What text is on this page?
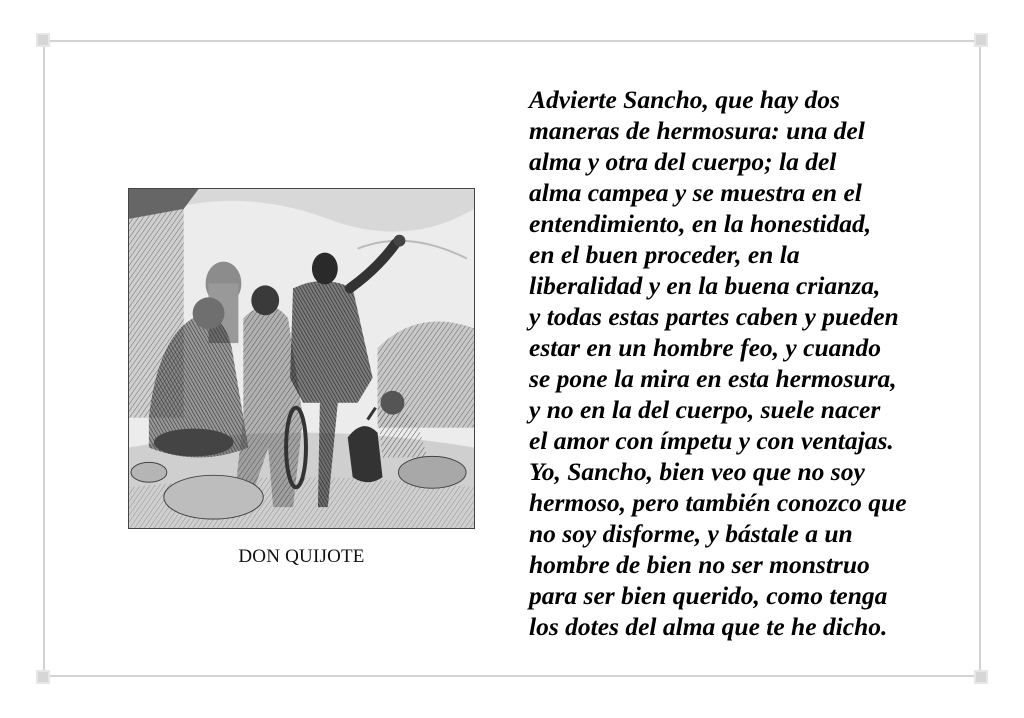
DON QUIJOTE
Advierte Sancho, que hay dos
maneras de hermosura: una del
alma y otra del cuerpo; la del
alma campea y se muestra en el
entendimiento, en la honestidad,
en el buen proceder, en la
liberalidad y en la buena crianza,
y todas estas partes caben y pueden
estar en un hombre feo, y cuando
se pone la mira en esta hermosura,
y no en la del cuerpo, suele nacer
el amor con ímpetu y con ventajas.
Yo, Sancho, bien veo que no soy
hermoso, pero también conozco que
no soy disforme, y bástale a un
hombre de bien no ser monstruo
para ser bien querido, como tenga
los dotes del alma que te he dicho.
